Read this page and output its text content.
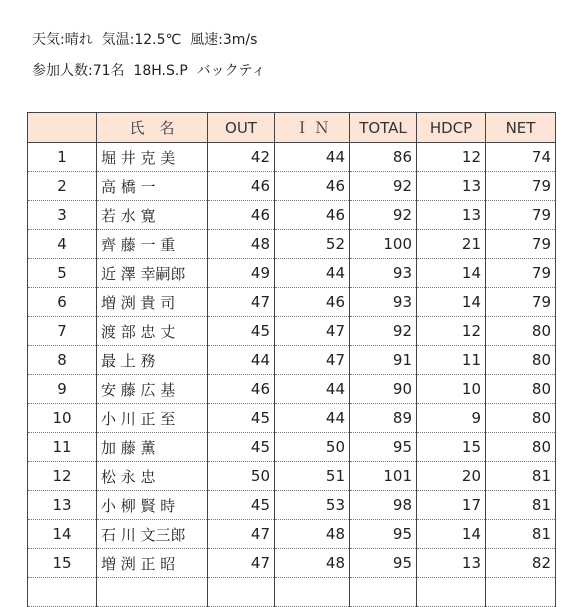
天気:晴れ  気温:12.5℃  風速:3m/s
参加人数:71名  18H.S.P  バックティ
	氏　名	OUT	Ｉ Ｎ	TOTAL	HDCP	NET
1	堀 井 克 美	42	44	86	12	74
2	高 橋 一	46	46	92	13	79
3	若 水 寛	46	46	92	13	79
4	齊 藤 一 重	48	52	100	21	79
5	近 澤 幸嗣郎	49	44	93	14	79
6	増 渕 貴 司	47	46	93	14	79
7	渡 部 忠 丈	45	47	92	12	80
8	最 上 務	44	47	91	11	80
9	安 藤 広 基	46	44	90	10	80
10	小 川 正 至	45	44	89	9	80
11	加 藤 薫	45	50	95	15	80
12	松 永 忠	50	51	101	20	81
13	小 柳 賢 時	45	53	98	17	81
14	石 川 文三郎	47	48	95	14	81
15	増 渕 正 昭	47	48	95	13	82
